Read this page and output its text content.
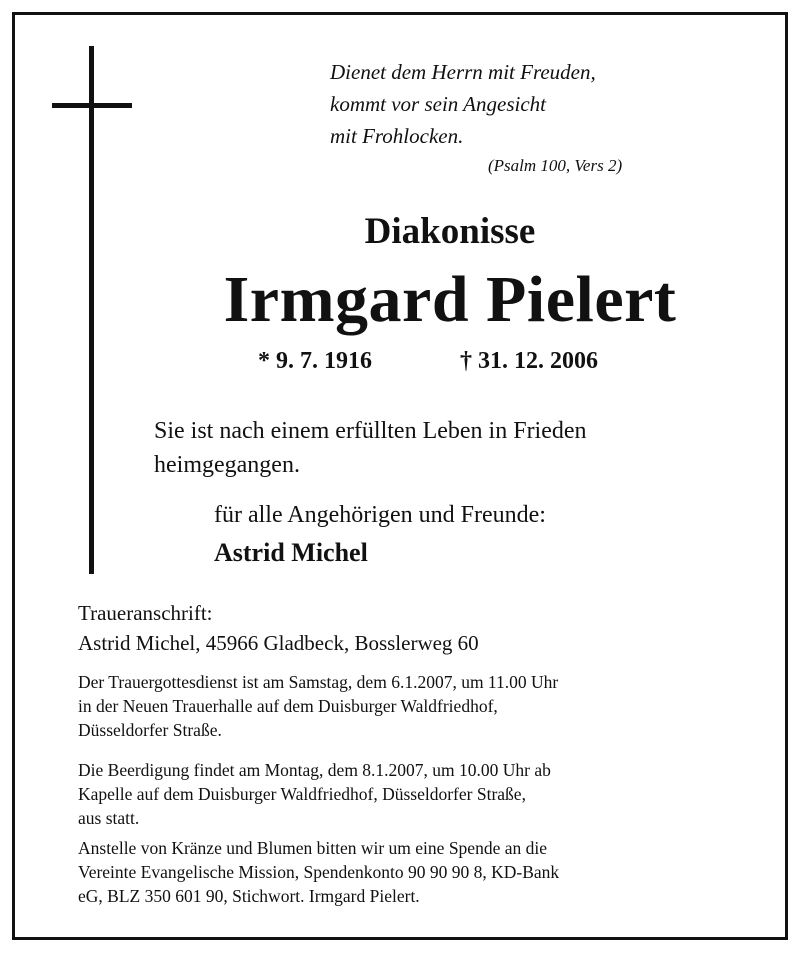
Dienet dem Herrn mit Freuden,
kommt vor sein Angesicht
mit Frohlocken.
(Psalm 100, Vers 2)
Diakonisse
Irmgard Pielert
* 9. 7. 1916	† 31. 12. 2006
Sie ist nach einem erfüllten Leben in Frieden
heimgegangen.
für alle Angehörigen und Freunde:
Astrid Michel
Traueranschrift:
Astrid Michel, 45966 Gladbeck, Bosslerweg 60
Der Trauergottesdienst ist am Samstag, dem 6.1.2007, um 11.00 Uhr
in der Neuen Trauerhalle auf dem Duisburger Waldfriedhof,
Düsseldorfer Straße.
Die Beerdigung findet am Montag, dem 8.1.2007, um 10.00 Uhr ab
Kapelle auf dem Duisburger Waldfriedhof, Düsseldorfer Straße,
aus statt.
Anstelle von Kränze und Blumen bitten wir um eine Spende an die
Vereinte Evangelische Mission, Spendenkonto 90 90 90 8, KD-Bank
eG, BLZ 350 601 90, Stichwort. Irmgard Pielert.
